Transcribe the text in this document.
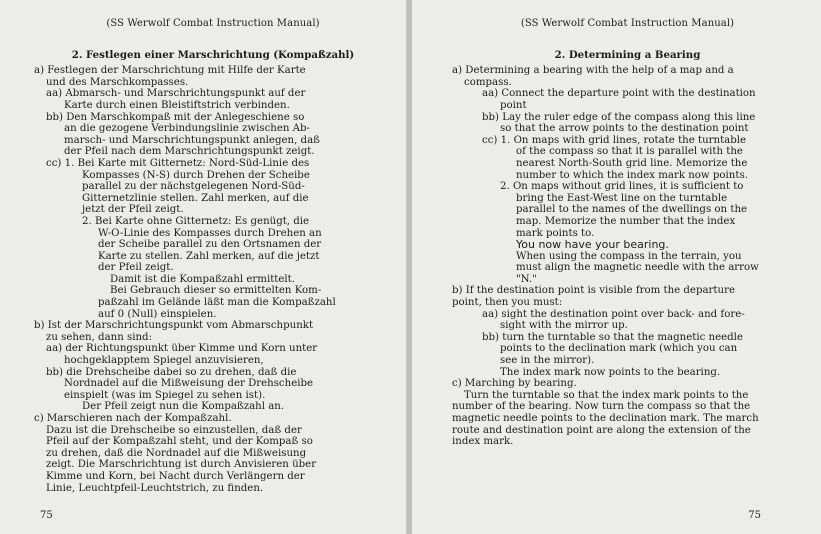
(SS Werwolf Combat Instruction Manual)
2. Festlegen einer Marschrichtung (Kompaßzahl)
a) Festlegen der Marschrichtung mit Hilfe der Karte
und des Marschkompasses.
aa) Abmarsch- und Marschrichtungspunkt auf der
Karte durch einen Bleistiftstrich verbinden.
bb) Den Marschkompaß mit der Anlegeschiene so
an die gezogene Verbindungslinie zwischen Ab-
marsch- und Marschrichtungspunkt anlegen, daß
der Pfeil nach dem Marschrichtungspunkt zeigt.
cc) 1. Bei Karte mit Gitternetz: Nord-Süd-Linie des
Kompasses (N-S) durch Drehen der Scheibe
parallel zu der nächstgelegenen Nord-Süd-
Gitternetzlinie stellen. Zahl merken, auf die
jetzt der Pfeil zeigt.
2. Bei Karte ohne Gitternetz: Es genügt, die
W-O-Linie des Kompasses durch Drehen an
der Scheibe parallel zu den Ortsnamen der
Karte zu stellen. Zahl merken, auf die jetzt
der Pfeil zeigt.
Damit ist die Kompaßzahl ermittelt.
Bei Gebrauch dieser so ermittelten Kom-
paßzahl im Gelände läßt man die Kompaßzahl
auf 0 (Null) einspielen.
b) Ist der Marschrichtungspunkt vom Abmarschpunkt
zu sehen, dann sind:
aa) der Richtungspunkt über Kimme und Korn unter
hochgeklapptem Spiegel anzuvisieren,
bb) die Drehscheibe dabei so zu drehen, daß die
Nordnadel auf die Mißweisung der Drehscheibe
einspielt (was im Spiegel zu sehen ist).
Der Pfeil zeigt nun die Kompaßzahl an.
c) Marschieren nach der Kompaßzahl.
Dazu ist die Drehscheibe so einzustellen, daß der
Pfeil auf der Kompaßzahl steht, und der Kompaß so
zu drehen, daß die Nordnadel auf die Mißweisung
zeigt. Die Marschrichtung ist durch Anvisieren über
Kimme und Korn, bei Nacht durch Verlängern der
Linie, Leuchtpfeil-Leuchtstrich, zu finden.
75
(SS Werwolf Combat Instruction Manual)
2. Determining a Bearing
a) Determining a bearing with the help of a map and a
compass.
aa) Connect the departure point with the destination
point
bb) Lay the ruler edge of the compass along this line
so that the arrow points to the destination point
cc) 1. On maps with grid lines, rotate the turntable
of the compass so that it is parallel with the
nearest North-South grid line. Memorize the
number to which the index mark now points.
2. On maps without grid lines, it is sufficient to
bring the East-West line on the turntable
parallel to the names of the dwellings on the
map. Memorize the number that the index
mark points to.
You now have your bearing.
When using the compass in the terrain, you
must align the magnetic needle with the arrow
"N."
b) If the destination point is visible from the departure
point, then you must:
aa) sight the destination point over back- and fore-
sight with the mirror up.
bb) turn the turntable so that the magnetic needle
points to the declination mark (which you can
see in the mirror).
The index mark now points to the bearing.
c) Marching by bearing.
Turn the turntable so that the index mark points to the
number of the bearing. Now turn the compass so that the
magnetic needle points to the declination mark. The march
route and destination point are along the extension of the
index mark.
75
